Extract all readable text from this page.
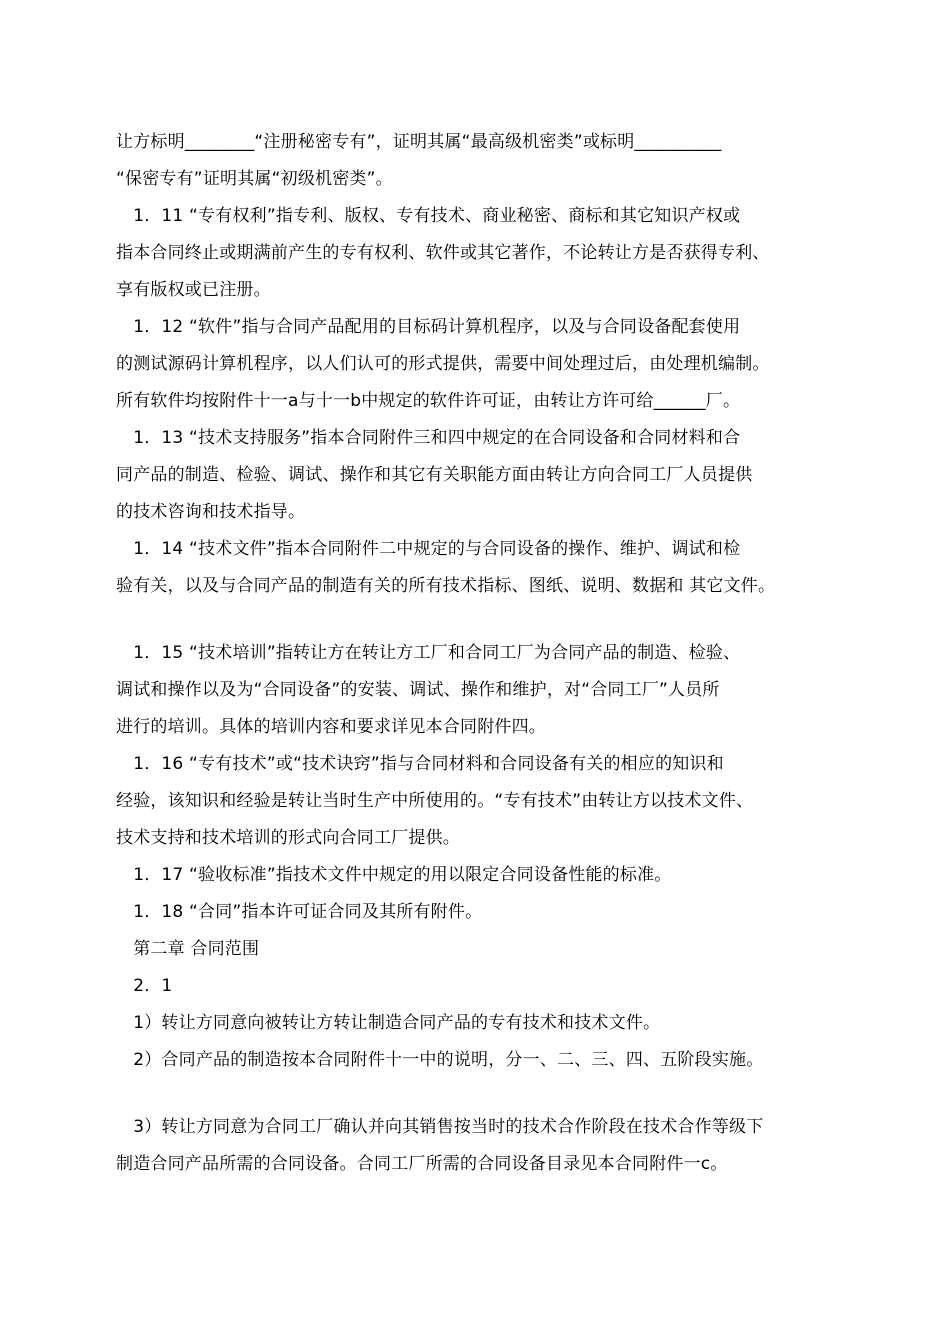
让方标明________“注册秘密专有”，证明其属“最高级机密类”或标明__________
“保密专有”证明其属“初级机密类”。
　1．11 “专有权利”指专利、版权、专有技术、商业秘密、商标和其它知识产权或
指本合同终止或期满前产生的专有权利、软件或其它著作，不论转让方是否获得专利、
享有版权或已注册。
　1．12 “软件”指与合同产品配用的目标码计算机程序，以及与合同设备配套使用
的测试源码计算机程序，以人们认可的形式提供，需要中间处理过后，由处理机编制。
所有软件均按附件十一a与十一b中规定的软件许可证，由转让方许可给______厂。
　1．13 “技术支持服务”指本合同附件三和四中规定的在合同设备和合同材料和合
同产品的制造、检验、调试、操作和其它有关职能方面由转让方向合同工厂人员提供
的技术咨询和技术指导。
　1．14 “技术文件”指本合同附件二中规定的与合同设备的操作、维护、调试和检
验有关，以及与合同产品的制造有关的所有技术指标、图纸、说明、数据和 其它文件。
　1．15 “技术培训”指转让方在转让方工厂和合同工厂为合同产品的制造、检验、
调试和操作以及为“合同设备”的安装、调试、操作和维护，对“合同工厂”人员所
进行的培训。具体的培训内容和要求详见本合同附件四。
　1．16 “专有技术”或“技术诀窍”指与合同材料和合同设备有关的相应的知识和
经验，该知识和经验是转让当时生产中所使用的。“专有技术”由转让方以技术文件、
技术支持和技术培训的形式向合同工厂提供。
　1．17 “验收标准”指技术文件中规定的用以限定合同设备性能的标准。
　1．18 “合同”指本许可证合同及其所有附件。
　第二章 合同范围
　2．1
　1）转让方同意向被转让方转让制造合同产品的专有技术和技术文件。
　2）合同产品的制造按本合同附件十一中的说明，分一、二、三、四、五阶段实施。
　3）转让方同意为合同工厂确认并向其销售按当时的技术合作阶段在技术合作等级下
制造合同产品所需的合同设备。合同工厂所需的合同设备目录见本合同附件一c。
